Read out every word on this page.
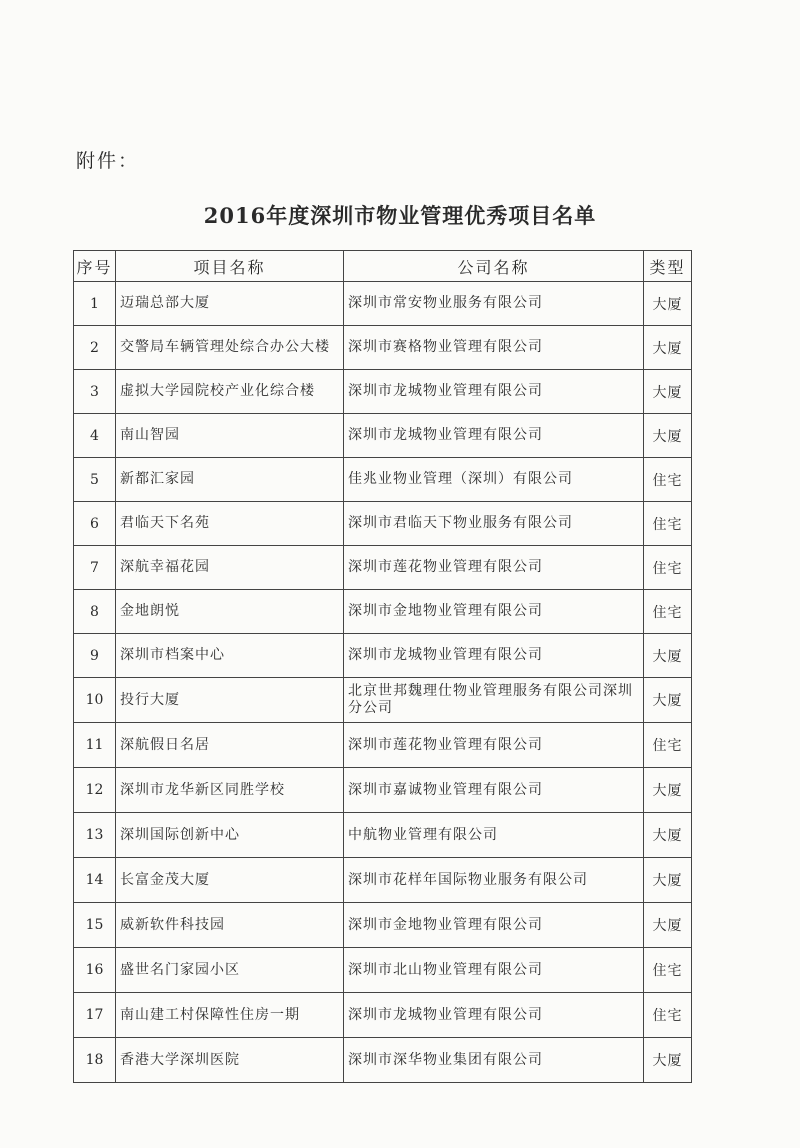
附件：
2016年度深圳市物业管理优秀项目名单
序号	项目名称	公司名称	类型
1	迈瑞总部大厦	深圳市常安物业服务有限公司	大厦
2	交警局车辆管理处综合办公大楼	深圳市赛格物业管理有限公司	大厦
3	虚拟大学园院校产业化综合楼	深圳市龙城物业管理有限公司	大厦
4	南山智园	深圳市龙城物业管理有限公司	大厦
5	新都汇家园	佳兆业物业管理（深圳）有限公司	住宅
6	君临天下名苑	深圳市君临天下物业服务有限公司	住宅
7	深航幸福花园	深圳市莲花物业管理有限公司	住宅
8	金地朗悦	深圳市金地物业管理有限公司	住宅
9	深圳市档案中心	深圳市龙城物业管理有限公司	大厦
10	投行大厦	北京世邦魏理仕物业管理服务有限公司深圳分公司	大厦
11	深航假日名居	深圳市莲花物业管理有限公司	住宅
12	深圳市龙华新区同胜学校	深圳市嘉诚物业管理有限公司	大厦
13	深圳国际创新中心	中航物业管理有限公司	大厦
14	长富金茂大厦	深圳市花样年国际物业服务有限公司	大厦
15	威新软件科技园	深圳市金地物业管理有限公司	大厦
16	盛世名门家园小区	深圳市北山物业管理有限公司	住宅
17	南山建工村保障性住房一期	深圳市龙城物业管理有限公司	住宅
18	香港大学深圳医院	深圳市深华物业集团有限公司	大厦
